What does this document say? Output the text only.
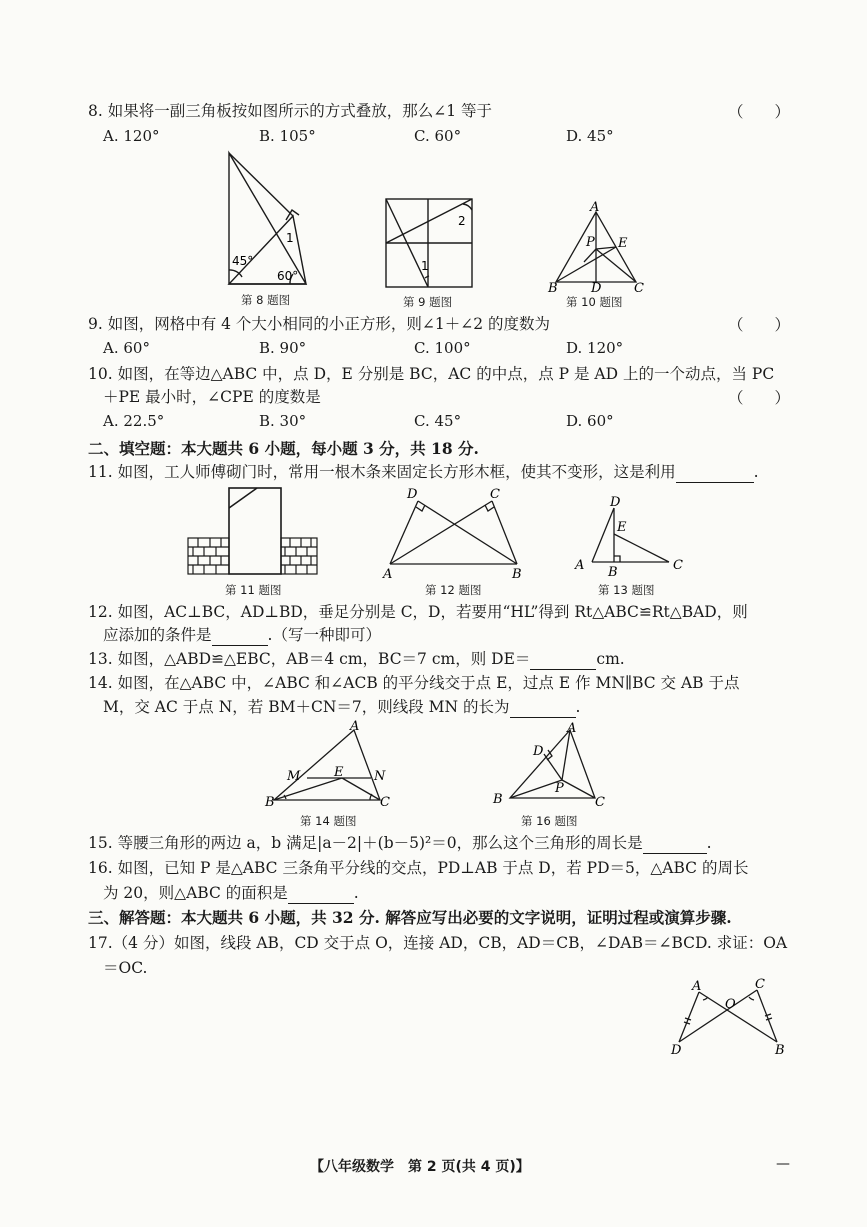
8. 如果将一副三角板按如图所示的方式叠放，那么∠1 等于	（　　）
A. 120°	B. 105°	C. 60°	D. 45°
45°
60°
1
第 8 题图
2
1
第 9 题图
A
P E
B	D	C
第 10 题图
9. 如图，网格中有 4 个大小相同的小正方形，则∠1＋∠2 的度数为	（　　）
A. 60°	B. 90°	C. 100°	D. 120°
10. 如图，在等边△ABC 中，点 D，E 分别是 BC，AC 的中点，点 P 是 AD 上的一个动点，当 PC
＋PE 最小时，∠CPE 的度数是	（　　）
A. 22.5°	B. 30°	C. 45°	D. 60°
二、填空题：本大题共 6 小题，每小题 3 分，共 18 分.
11. 如图，工人师傅砌门时，常用一根木条来固定长方形木框，使其不变形，这是利用	.
第 11 题图
D	C
A	B
第 12 题图
D
E
A B	C
第 13 题图
12. 如图，AC⊥BC，AD⊥BD，垂足分别是 C，D，若要用“HL”得到 Rt△ABC≌Rt△BAD，则
应添加的条件是	.（写一种即可）
13. 如图，△ABD≌△EBC，AB＝4 cm，BC＝7 cm，则 DE＝	cm.
14. 如图，在△ABC 中，∠ABC 和∠ACB 的平分线交于点 E，过点 E 作 MN∥BC 交 AB 于点
M，交 AC 于点 N，若 BM＋CN＝7，则线段 MN 的长为	.
A
M	E N
B	C
第 14 题图
A
D
P
B	C
第 16 题图
15. 等腰三角形的两边 a，b 满足|a－2|＋(b－5)²＝0，那么这个三角形的周长是	.
16. 如图，已知 P 是△ABC 三条角平分线的交点，PD⊥AB 于点 D，若 PD＝5，△ABC 的周长
为 20，则△ABC 的面积是	.
三、解答题：本大题共 6 小题，共 32 分. 解答应写出必要的文字说明，证明过程或演算步骤.
17.（4 分）如图，线段 AB，CD 交于点 O，连接 AD，CB，AD＝CB，∠DAB＝∠BCD. 求证：OA
＝OC.
A
O
C
D	B
【八年级数学　第 2 页(共 4 页)】	—
